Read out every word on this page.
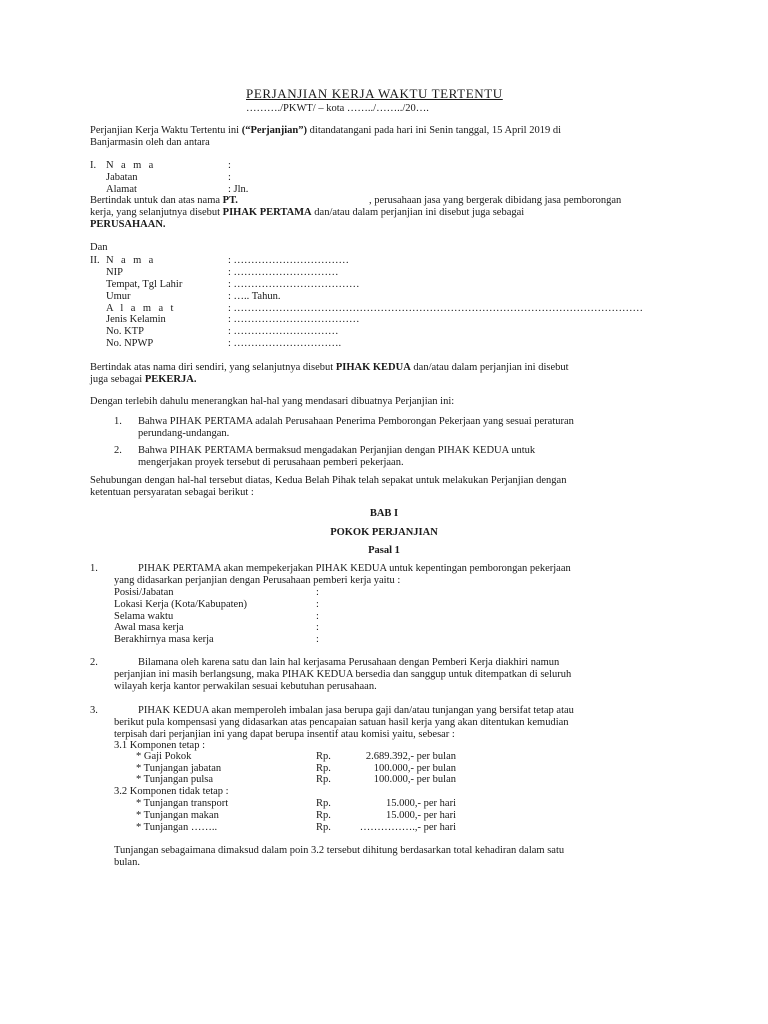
PERJANJIAN KERJA WAKTU TERTENTU
………./PKWT/ – kota ……../……../20….
Perjanjian Kerja Waktu Tertentu ini (“Perjanjian”) ditandatangani pada hari ini Senin tanggal, 15 April 2019 di
Banjarmasin oleh dan antara
I. N a m a	:
Jabatan	:
Alamat	: Jln.
Bertindak untuk dan atas nama PT.	, perusahaan jasa yang bergerak dibidang jasa pemborongan
kerja, yang selanjutnya disebut PIHAK PERTAMA dan/atau dalam perjanjian ini disebut juga sebagai
PERUSAHAAN.
Dan
II. N a m a	: ……………………………
NIP	: …………………………
Tempat, Tgl Lahir	: ………………………………
Umur	: ….. Tahun.
A l a m a t	: ………………………………………………………………………………………………………
Jenis Kelamin	: ………………………………
No. KTP	: …………………………
No. NPWP	: ………………………….
Bertindak atas nama diri sendiri, yang selanjutnya disebut PIHAK KEDUA dan/atau dalam perjanjian ini disebut
juga sebagai PEKERJA.
Dengan terlebih dahulu menerangkan hal-hal yang mendasari dibuatnya Perjanjian ini:
1. Bahwa PIHAK PERTAMA adalah Perusahaan Penerima Pemborongan Pekerjaan yang sesuai peraturan
perundang-undangan.
2. Bahwa PIHAK PERTAMA bermaksud mengadakan Perjanjian dengan PIHAK KEDUA untuk
mengerjakan proyek tersebut di perusahaan pemberi pekerjaan.
Sehubungan dengan hal-hal tersebut diatas, Kedua Belah Pihak telah sepakat untuk melakukan Perjanjian dengan
ketentuan persyaratan sebagai berikut :
BAB I
POKOK PERJANJIAN
Pasal 1
1.	PIHAK PERTAMA akan mempekerjakan PIHAK KEDUA untuk kepentingan pemborongan pekerjaan
yang didasarkan perjanjian dengan Perusahaan pemberi kerja yaitu :
Posisi/Jabatan	:
Lokasi Kerja (Kota/Kabupaten)	:
Selama waktu	:
Awal masa kerja	:
Berakhirnya masa kerja	:
2.	Bilamana oleh karena satu dan lain hal kerjasama Perusahaan dengan Pemberi Kerja diakhiri namun
perjanjian ini masih berlangsung, maka PIHAK KEDUA bersedia dan sanggup untuk ditempatkan di seluruh
wilayah kerja kantor perwakilan sesuai kebutuhan perusahaan.
3.	PIHAK KEDUA akan memperoleh imbalan jasa berupa gaji dan/atau tunjangan yang bersifat tetap atau
berikut pula kompensasi yang didasarkan atas pencapaian satuan hasil kerja yang akan ditentukan kemudian
terpisah dari perjanjian ini yang dapat berupa insentif atau komisi yaitu, sebesar :
3.1 Komponen tetap :
* Gaji Pokok	Rp.	2.689.392,- per bulan
* Tunjangan jabatan	Rp.	100.000,- per bulan
* Tunjangan pulsa	Rp.	100.000,- per bulan
3.2 Komponen tidak tetap :
* Tunjangan transport	Rp.	15.000,- per hari
* Tunjangan makan	Rp.	15.000,- per hari
* Tunjangan ……..	Rp.	…………….,- per hari
Tunjangan sebagaimana dimaksud dalam poin 3.2 tersebut dihitung berdasarkan total kehadiran dalam satu
bulan.
